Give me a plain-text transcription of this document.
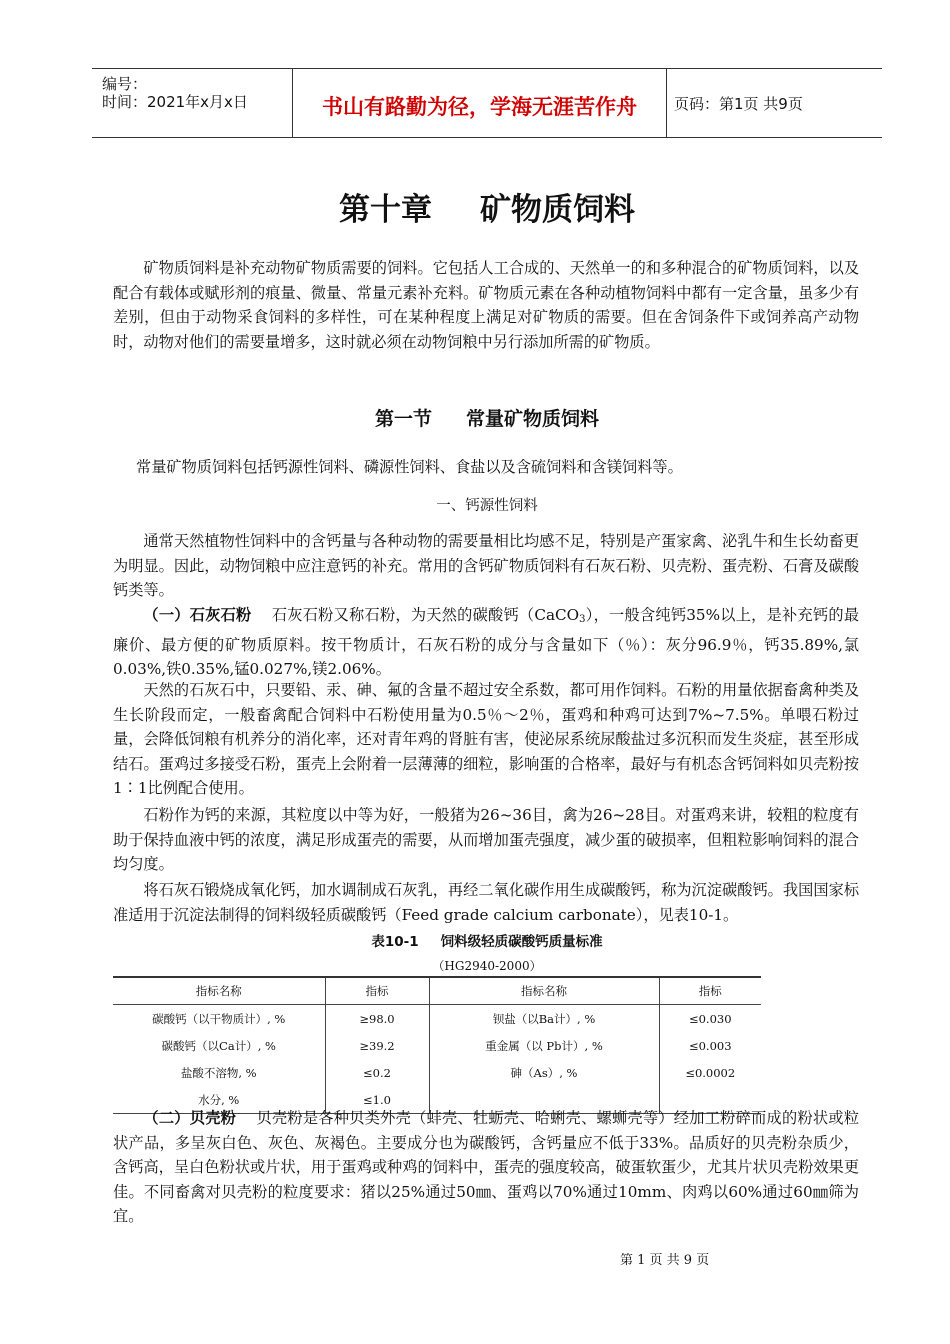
编号：
时间：2021年x月x日	书山有路勤为径，学海无涯苦作舟	页码：第1页 共9页
第十章 矿物质饲料

矿物质饲料是补充动物矿物质需要的饲料。它包括人工合成的、天然单一的和多种混合的矿物质饲料，以及配合有载体或赋形剂的痕量、微量、常量元素补充料。矿物质元素在各种动植物饲料中都有一定含量，虽多少有差别，但由于动物采食饲料的多样性，可在某种程度上满足对矿物质的需要。但在舍饲条件下或饲养高产动物时，动物对他们的需要量增多，这时就必须在动物饲粮中另行添加所需的矿物质。

第一节 常量矿物质饲料

常量矿物质饲料包括钙源性饲料、磷源性饲料、食盐以及含硫饲料和含镁饲料等。

一、钙源性饲料

通常天然植物性饲料中的含钙量与各种动物的需要量相比均感不足，特别是产蛋家禽、泌乳牛和生长幼畜更为明显。因此，动物饲粮中应注意钙的补充。常用的含钙矿物质饲料有石灰石粉、贝壳粉、蛋壳粉、石膏及碳酸钙类等。

（一）石灰石粉 石灰石粉又称石粉，为天然的碳酸钙（CaCO$_3$），一般含纯钙35%以上，是补充钙的最廉价、最方便的矿物质原料。按干物质计，石灰石粉的成分与含量如下（％）：灰分96.9％，钙35.89%,氯0.03%,铁0.35%,锰0.027%,镁2.06%。

天然的石灰石中，只要铅、汞、砷、氟的含量不超过安全系数，都可用作饲料。石粉的用量依据畜禽种类及生长阶段而定，一般畜禽配合饲料中石粉使用量为0.5％～2％，蛋鸡和种鸡可达到7%~7.5%。单喂石粉过量，会降低饲粮有机养分的消化率，还对青年鸡的肾脏有害，使泌尿系统尿酸盐过多沉积而发生炎症，甚至形成结石。蛋鸡过多接受石粉，蛋壳上会附着一层薄薄的细粒，影响蛋的合格率，最好与有机态含钙饲料如贝壳粉按1∶1比例配合使用。

石粉作为钙的来源，其粒度以中等为好，一般猪为26~36目，禽为26~28目。对蛋鸡来讲，较粗的粒度有助于保持血液中钙的浓度，满足形成蛋壳的需要，从而增加蛋壳强度，减少蛋的破损率，但粗粒影响饲料的混合均匀度。

将石灰石锻烧成氧化钙，加水调制成石灰乳，再经二氧化碳作用生成碳酸钙，称为沉淀碳酸钙。我国国家标准适用于沉淀法制得的饲料级轻质碳酸钙（Feed grade calcium carbonate），见表10-1。

表10-1 饲料级轻质碳酸钙质量标准
（HG2940-2000）
指标名称	指标	指标名称	指标
碳酸钙（以干物质计）, %	≥98.0	钡盐（以Ba计）, %	≤0.030
碳酸钙（以Ca计）, %	≥39.2	重金属（以 Pb计）, %	≤0.003
盐酸不溶物, %	≤0.2	砷（As）, %	≤0.0002
水分, %	≤1.0		

（二）贝壳粉 贝壳粉是各种贝类外壳（蚌壳、牡蛎壳、哈蜊壳、螺蛳壳等）经加工粉碎而成的粉状或粒状产品，多呈灰白色、灰色、灰褐色。主要成分也为碳酸钙，含钙量应不低于33%。品质好的贝壳粉杂质少，含钙高，呈白色粉状或片状，用于蛋鸡或种鸡的饲料中，蛋壳的强度较高，破蛋软蛋少，尤其片状贝壳粉效果更佳。不同畜禽对贝壳粉的粒度要求：猪以25%通过50㎜、蛋鸡以70%通过10mm、肉鸡以60%通过60㎜筛为宜。

第 1 页 共 9 页
